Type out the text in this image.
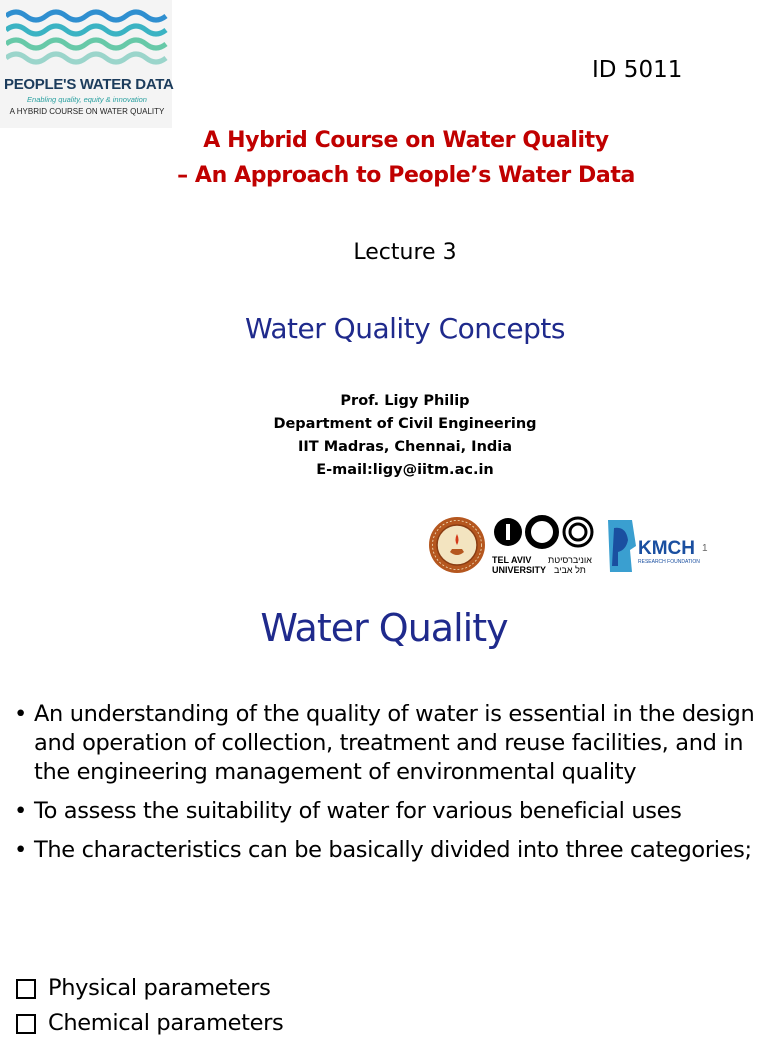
PEOPLE'S WATER DATA
Enabling quality, equity & innovation
A HYBRID COURSE ON WATER QUALITY
ID 5011
A Hybrid Course on Water Quality
– An Approach to People’s Water Data
Lecture 3
Water Quality Concepts
Prof. Ligy Philip
Department of Civil Engineering
IIT Madras, Chennai, India
E-mail:ligy@iitm.ac.in
TEL AVIV
UNIVERSITY
אוניברסיטת
תל אביב
KMCH
RESEARCH FOUNDATION
1
Water Quality
• An understanding of the quality of water is essential in the design and operation of collection, treatment and reuse facilities, and in the engineering management of environmental quality
• To assess the suitability of water for various beneficial uses
• The characteristics can be basically divided into three categories;
Physical parameters
Chemical parameters
